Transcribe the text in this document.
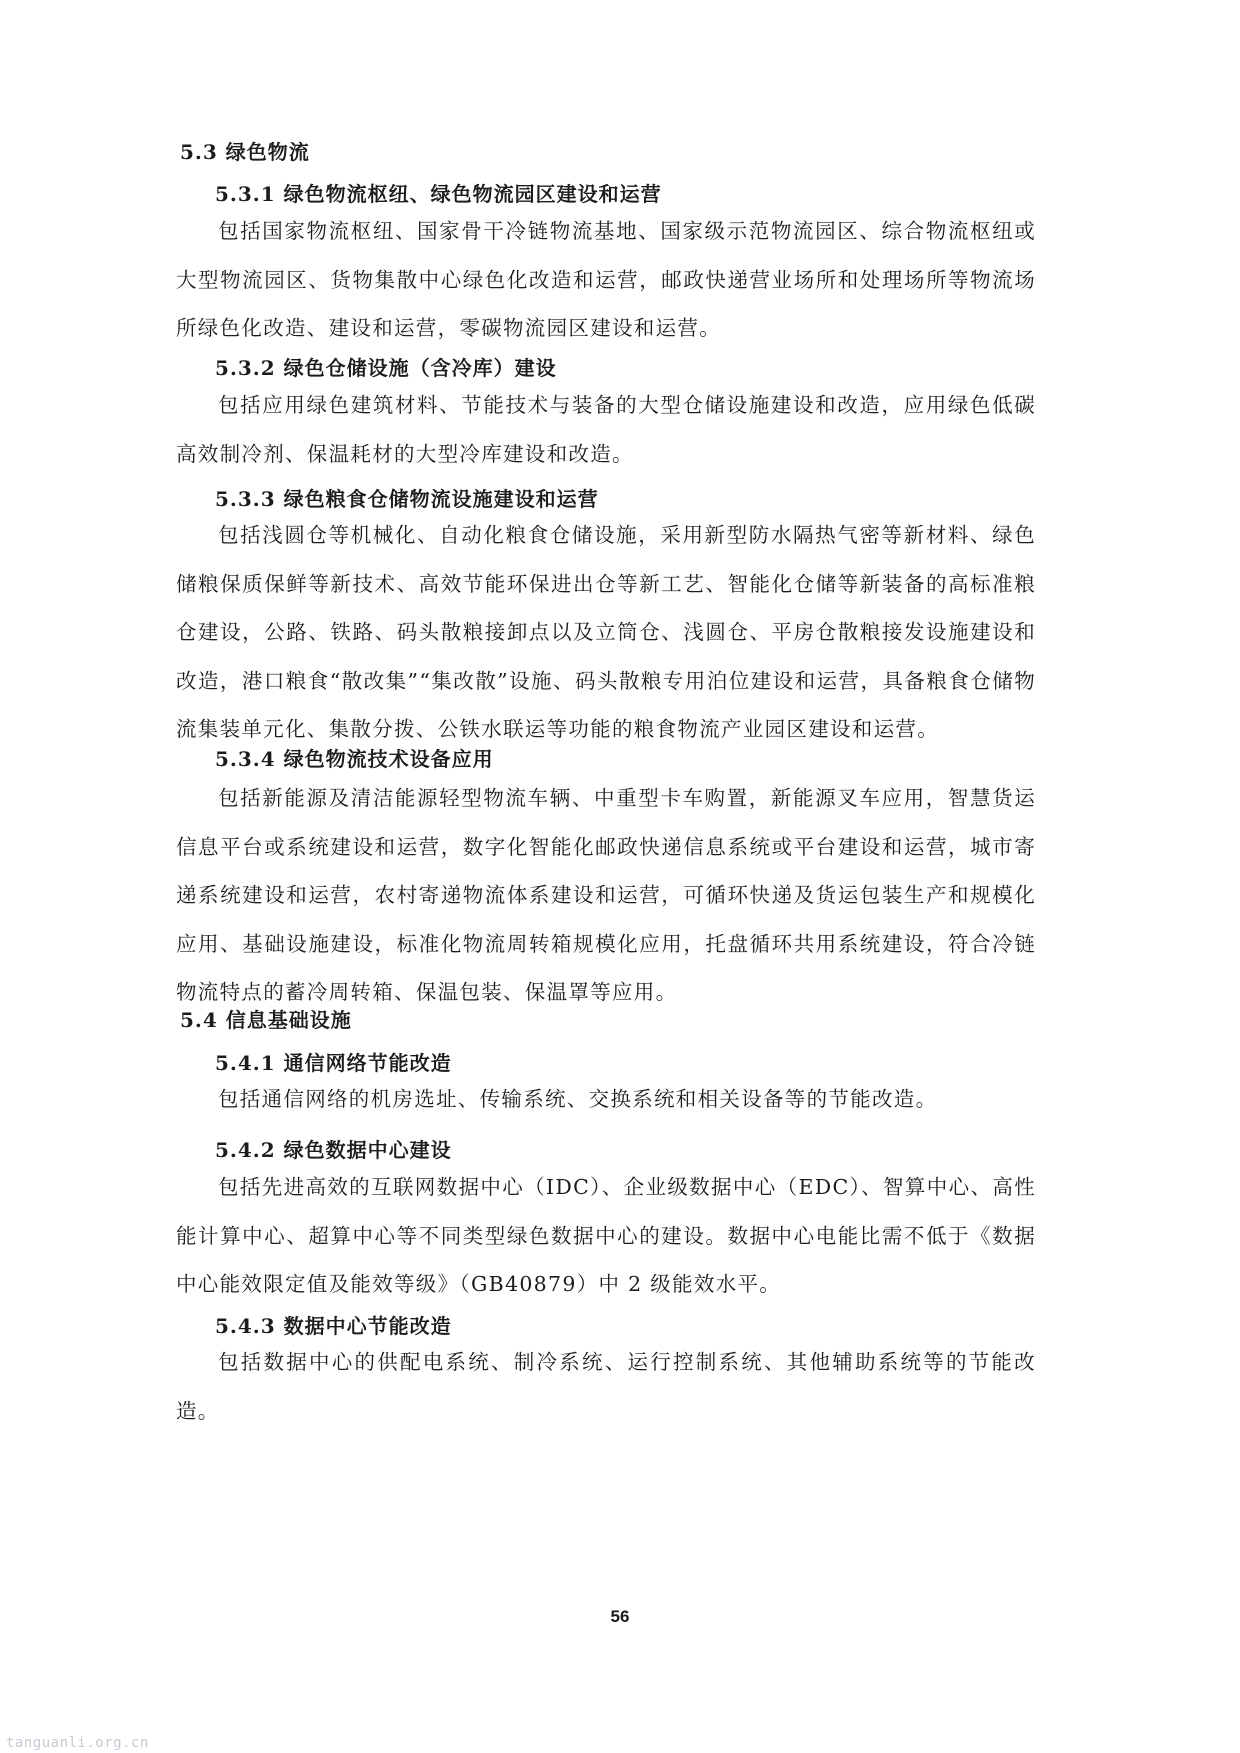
5.3 绿色物流
5.3.1 绿色物流枢纽、绿色物流园区建设和运营
包括国家物流枢纽、国家骨干冷链物流基地、国家级示范物流园区、综合物流枢纽或大型物流园区、货物集散中心绿色化改造和运营，邮政快递营业场所和处理场所等物流场所绿色化改造、建设和运营，零碳物流园区建设和运营。
5.3.2 绿色仓储设施（含冷库）建设
包括应用绿色建筑材料、节能技术与装备的大型仓储设施建设和改造，应用绿色低碳高效制冷剂、保温耗材的大型冷库建设和改造。
5.3.3 绿色粮食仓储物流设施建设和运营
包括浅圆仓等机械化、自动化粮食仓储设施，采用新型防水隔热气密等新材料、绿色储粮保质保鲜等新技术、高效节能环保进出仓等新工艺、智能化仓储等新装备的高标准粮仓建设，公路、铁路、码头散粮接卸点以及立筒仓、浅圆仓、平房仓散粮接发设施建设和改造，港口粮食“散改集”“集改散”设施、码头散粮专用泊位建设和运营，具备粮食仓储物流集装单元化、集散分拨、公铁水联运等功能的粮食物流产业园区建设和运营。
5.3.4 绿色物流技术设备应用
包括新能源及清洁能源轻型物流车辆、中重型卡车购置，新能源叉车应用，智慧货运信息平台或系统建设和运营，数字化智能化邮政快递信息系统或平台建设和运营，城市寄递系统建设和运营，农村寄递物流体系建设和运营，可循环快递及货运包装生产和规模化应用、基础设施建设，标准化物流周转箱规模化应用，托盘循环共用系统建设，符合冷链物流特点的蓄冷周转箱、保温包装、保温罩等应用。
5.4 信息基础设施
5.4.1 通信网络节能改造
包括通信网络的机房选址、传输系统、交换系统和相关设备等的节能改造。
5.4.2 绿色数据中心建设
包括先进高效的互联网数据中心（IDC）、企业级数据中心（EDC）、智算中心、高性能计算中心、超算中心等不同类型绿色数据中心的建设。数据中心电能比需不低于《数据中心能效限定值及能效等级》（GB40879）中 2 级能效水平。
5.4.3 数据中心节能改造
包括数据中心的供配电系统、制冷系统、运行控制系统、其他辅助系统等的节能改造。
56
tanguanli.org.cn
